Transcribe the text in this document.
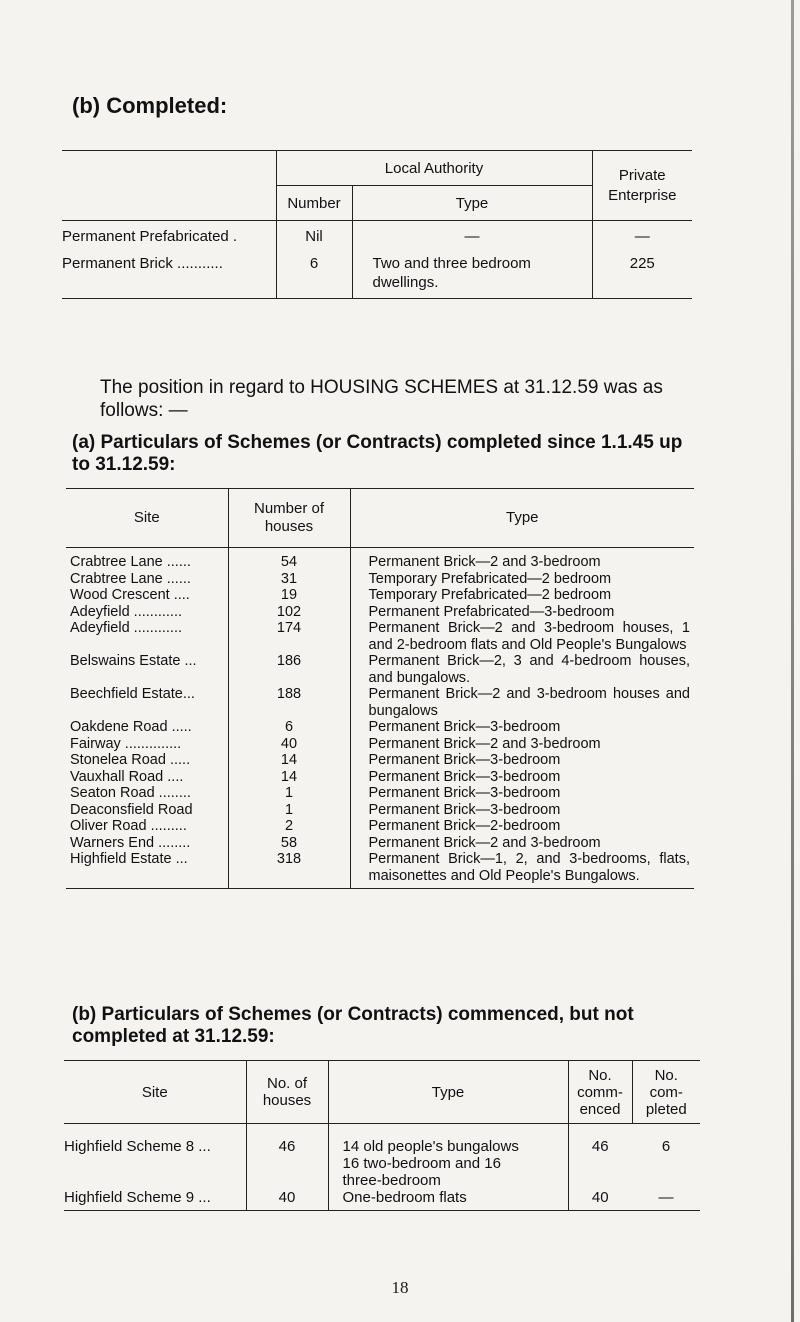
(b) Completed:
	Local Authority		Private Enterprise
	Number	Type	
Permanent Prefabricated .	Nil	—	—
Permanent Brick ...........	6	Two and three bedroom dwellings.	225
The position in regard to HOUSING SCHEMES at 31.12.59 was as follows: —
(a) Particulars of Schemes (or Contracts) completed since 1.1.45 up to 31.12.59:
Site	Number of houses	Type
Crabtree Lane ......	54	Permanent Brick—2 and 3-bedroom
Crabtree Lane ......	31	Temporary Prefabricated—2 bedroom
Wood Crescent ....	19	Temporary Prefabricated—2 bedroom
Adeyfield ............	102	Permanent Prefabricated—3-bedroom
Adeyfield ............	174	Permanent Brick—2 and 3-bedroom houses, 1 and 2-bedroom flats and Old People's Bungalows
Belswains Estate ...	186	Permanent Brick—2, 3 and 4-bedroom houses, and bungalows.
Beechfield Estate...	188	Permanent Brick—2 and 3-bedroom houses and bungalows
Oakdene Road .....	6	Permanent Brick—3-bedroom
Fairway ..............	40	Permanent Brick—2 and 3-bedroom
Stonelea Road .....	14	Permanent Brick—3-bedroom
Vauxhall Road ....	14	Permanent Brick—3-bedroom
Seaton Road ........	1	Permanent Brick—3-bedroom
Deaconsfield Road	1	Permanent Brick—3-bedroom
Oliver Road .........	2	Permanent Brick—2-bedroom
Warners End ........	58	Permanent Brick—2 and 3-bedroom
Highfield Estate ...	318	Permanent Brick—1, 2, and 3-bedrooms, flats, maisonettes and Old People's Bungalows.
(b) Particulars of Schemes (or Contracts) commenced, but not completed at 31.12.59:
Site	No. of houses	Type	No. comm-enced	No. com-pleted
Highfield Scheme 8 ...	46	14 old people's bungalows	46	6
		16 two-bedroom and 16 three-bedroom		
Highfield Scheme 9 ...	40	One-bedroom flats	40	—
18
